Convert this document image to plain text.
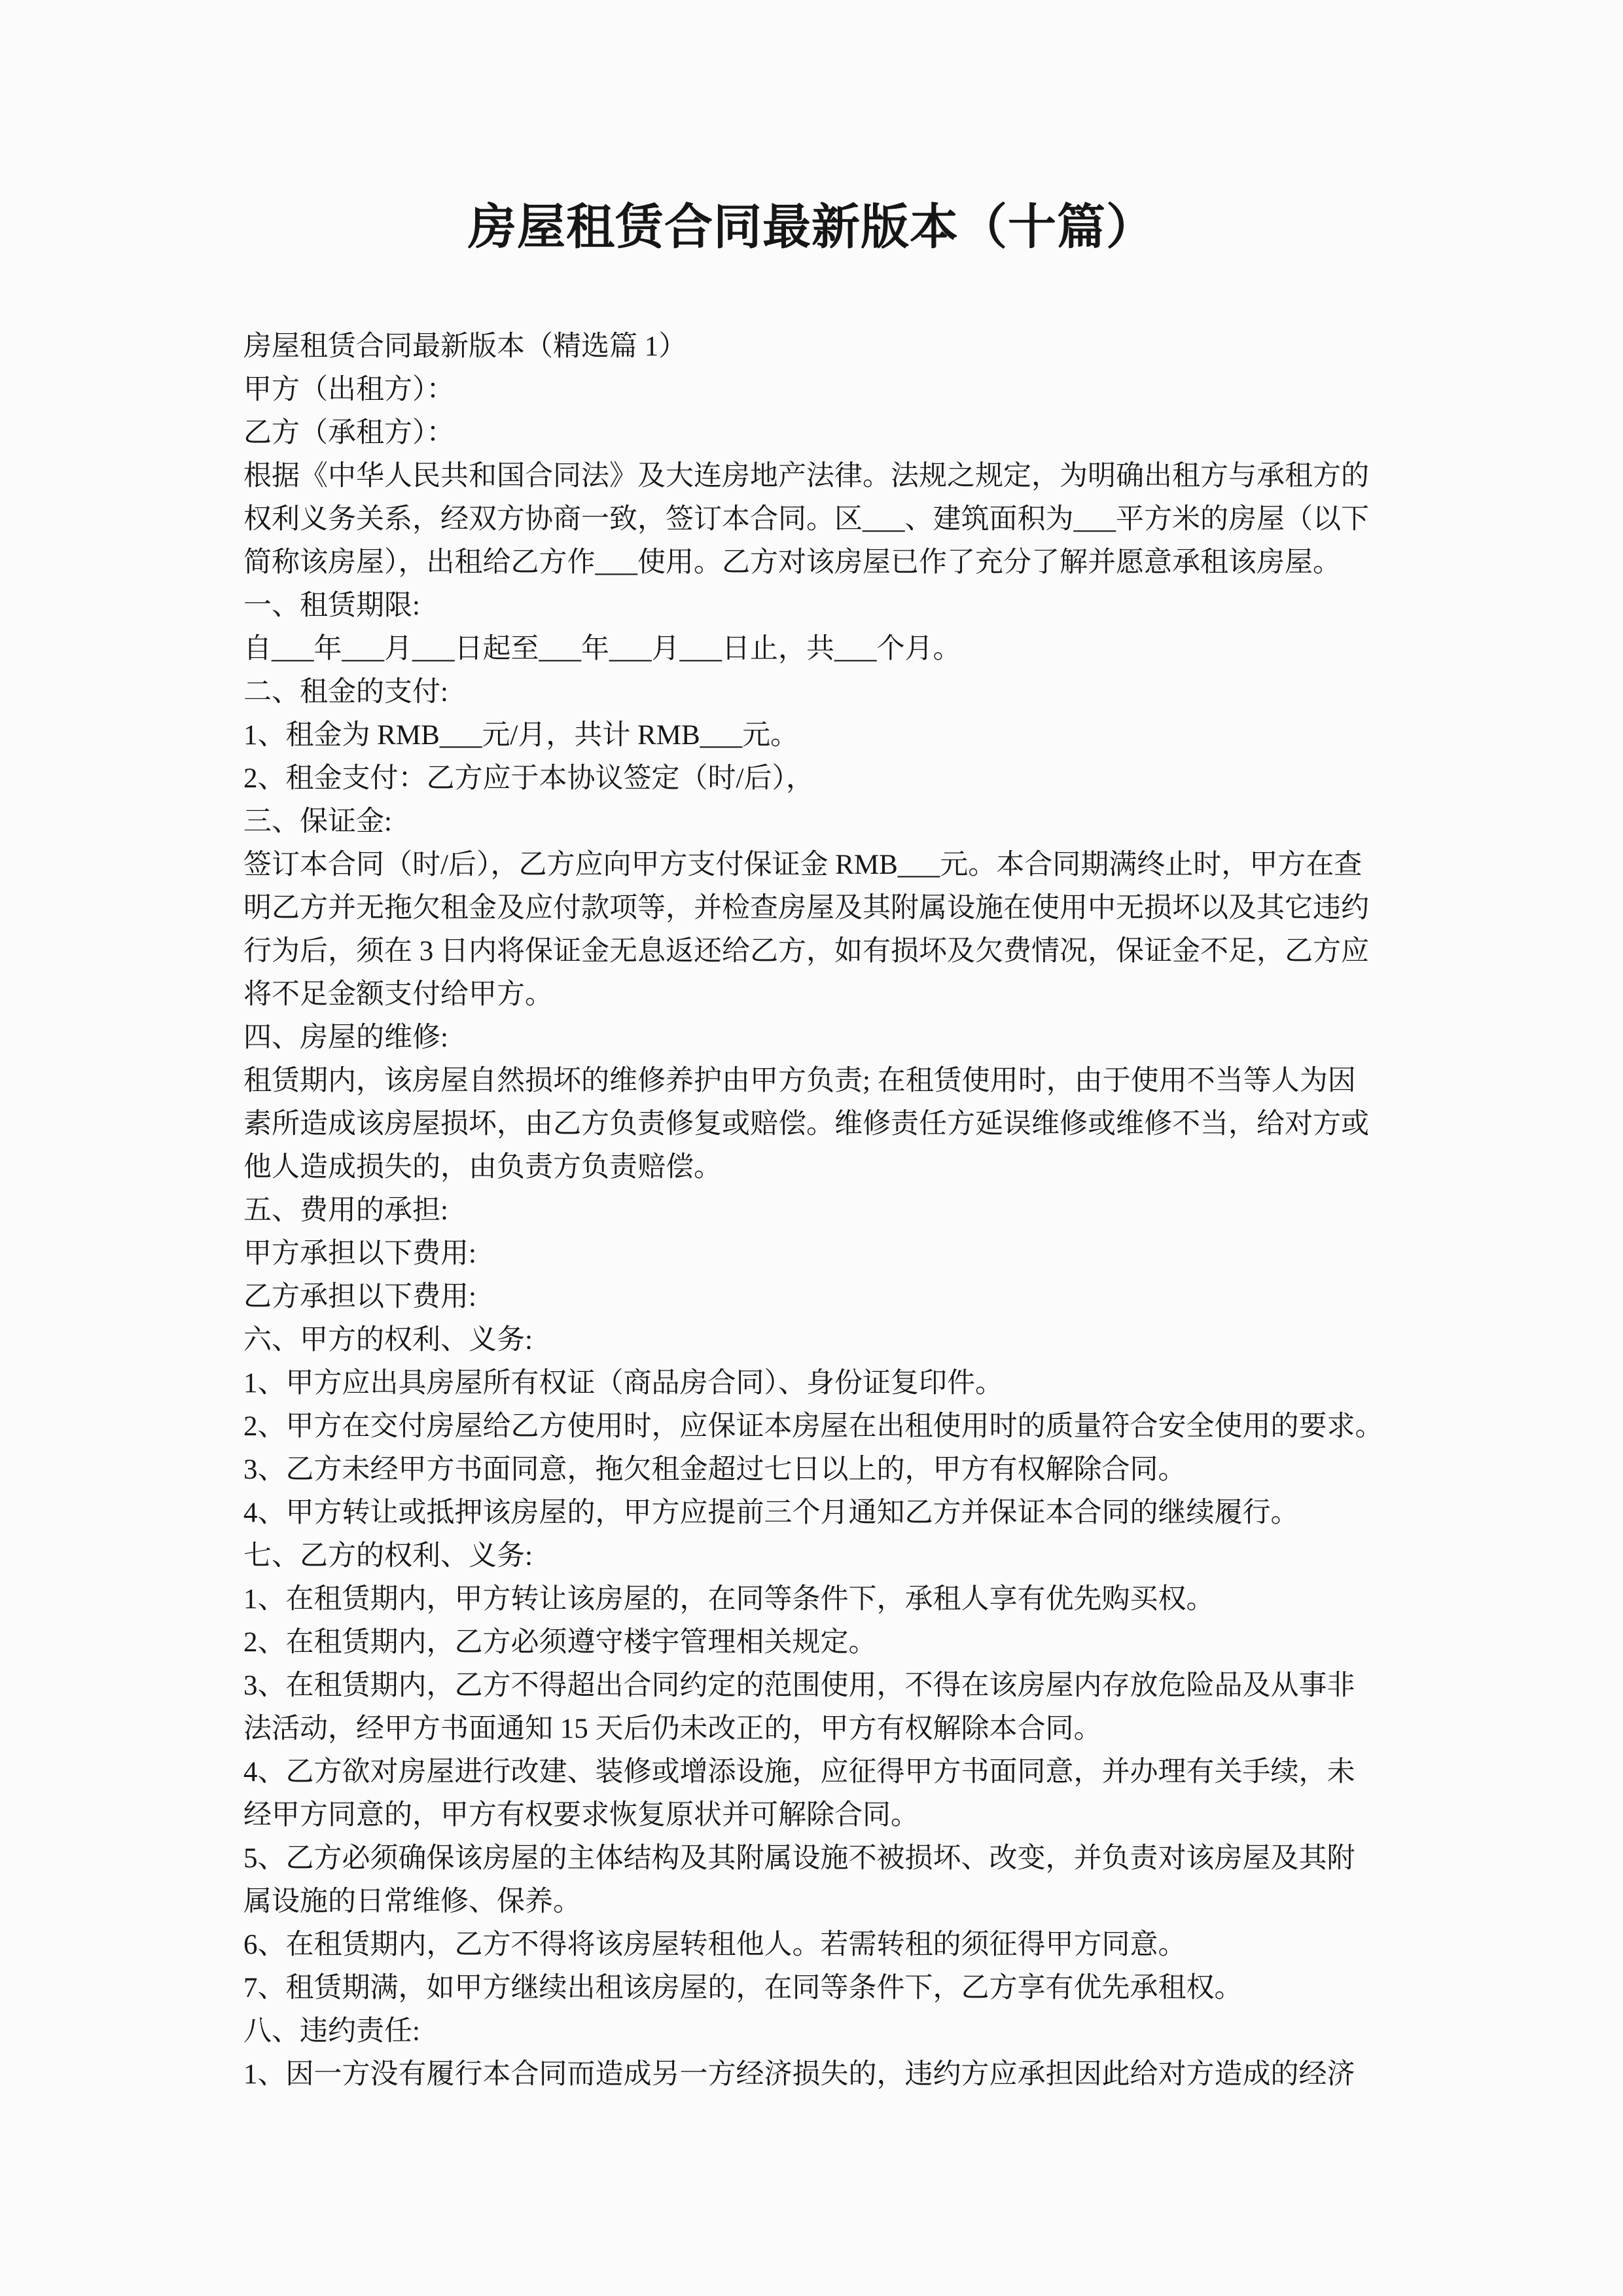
房屋租赁合同最新版本（十篇）
房屋租赁合同最新版本（精选篇 1）
甲方（出租方）：
乙方（承租方）：
根据《中华人民共和国合同法》及大连房地产法律。法规之规定，为明确出租方与承租方的
权利义务关系，经双方协商一致，签订本合同。区___、建筑面积为___平方米的房屋（以下
简称该房屋），出租给乙方作___使用。乙方对该房屋已作了充分了解并愿意承租该房屋。
一、租赁期限:
自___年___月___日起至___年___月___日止，共___个月。
二、租金的支付:
1、租金为 RMB___元/月，共计 RMB___元。
2、租金支付：乙方应于本协议签定（时/后），
三、保证金:
签订本合同（时/后），乙方应向甲方支付保证金 RMB___元。本合同期满终止时，甲方在查
明乙方并无拖欠租金及应付款项等，并检查房屋及其附属设施在使用中无损坏以及其它违约
行为后，须在 3 日内将保证金无息返还给乙方，如有损坏及欠费情况，保证金不足，乙方应
将不足金额支付给甲方。
四、房屋的维修:
租赁期内，该房屋自然损坏的维修养护由甲方负责; 在租赁使用时，由于使用不当等人为因
素所造成该房屋损坏，由乙方负责修复或赔偿。维修责任方延误维修或维修不当，给对方或
他人造成损失的，由负责方负责赔偿。
五、费用的承担:
甲方承担以下费用:
乙方承担以下费用:
六、甲方的权利、义务:
1、甲方应出具房屋所有权证（商品房合同）、身份证复印件。
2、甲方在交付房屋给乙方使用时，应保证本房屋在出租使用时的质量符合安全使用的要求。
3、乙方未经甲方书面同意，拖欠租金超过七日以上的，甲方有权解除合同。
4、甲方转让或抵押该房屋的，甲方应提前三个月通知乙方并保证本合同的继续履行。
七、乙方的权利、义务:
1、在租赁期内，甲方转让该房屋的，在同等条件下，承租人享有优先购买权。
2、在租赁期内，乙方必须遵守楼宇管理相关规定。
3、在租赁期内，乙方不得超出合同约定的范围使用，不得在该房屋内存放危险品及从事非
法活动，经甲方书面通知 15 天后仍未改正的，甲方有权解除本合同。
4、乙方欲对房屋进行改建、装修或增添设施，应征得甲方书面同意，并办理有关手续，未
经甲方同意的，甲方有权要求恢复原状并可解除合同。
5、乙方必须确保该房屋的主体结构及其附属设施不被损坏、改变，并负责对该房屋及其附
属设施的日常维修、保养。
6、在租赁期内，乙方不得将该房屋转租他人。若需转租的须征得甲方同意。
7、租赁期满，如甲方继续出租该房屋的，在同等条件下，乙方享有优先承租权。
八、违约责任:
1、因一方没有履行本合同而造成另一方经济损失的，违约方应承担因此给对方造成的经济
